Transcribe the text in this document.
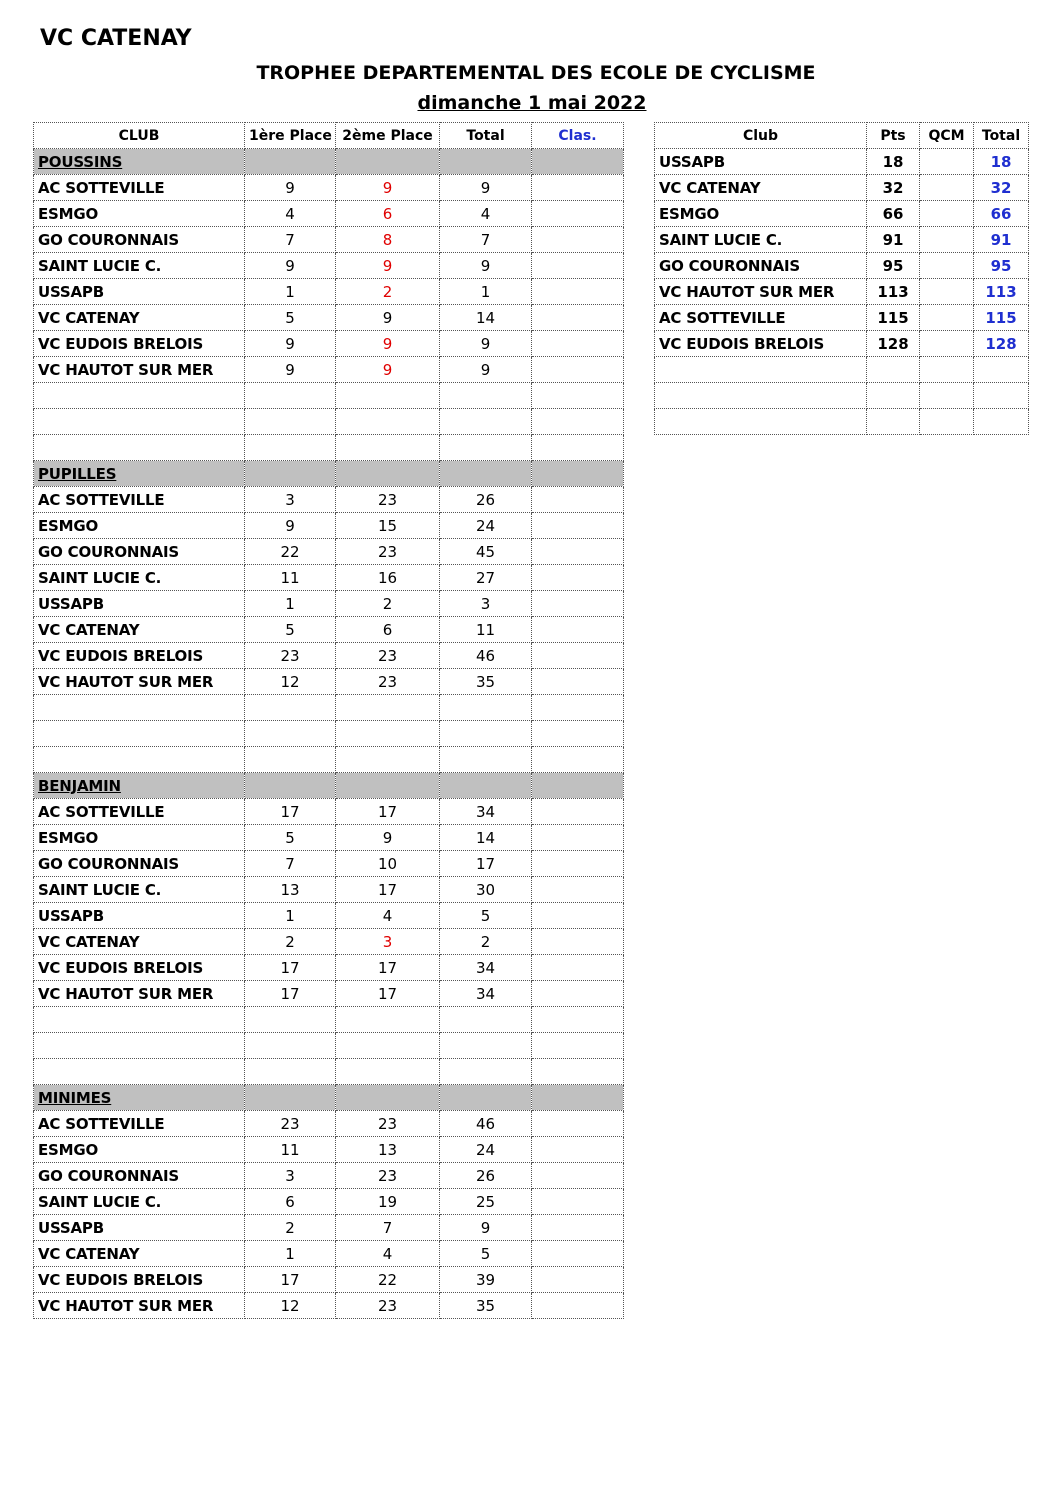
VC CATENAY
TROPHEE DEPARTEMENTAL DES ECOLE DE CYCLISME
dimanche 1 mai 2022
CLUB	1ère Place	2ème Place	Total	Clas.
POUSSINS				
AC SOTTEVILLE	9	9	9	
ESMGO	4	6	4	
GO COURONNAIS	7	8	7	
SAINT LUCIE C.	9	9	9	
USSAPB	1	2	1	
VC CATENAY	5	9	14	
VC EUDOIS BRELOIS	9	9	9	
VC HAUTOT SUR MER	9	9	9	

PUPILLES				
AC SOTTEVILLE	3	23	26	
ESMGO	9	15	24	
GO COURONNAIS	22	23	45	
SAINT LUCIE C.	11	16	27	
USSAPB	1	2	3	
VC CATENAY	5	6	11	
VC EUDOIS BRELOIS	23	23	46	
VC HAUTOT SUR MER	12	23	35	

BENJAMIN				
AC SOTTEVILLE	17	17	34	
ESMGO	5	9	14	
GO COURONNAIS	7	10	17	
SAINT LUCIE C.	13	17	30	
USSAPB	1	4	5	
VC CATENAY	2	3	2	
VC EUDOIS BRELOIS	17	17	34	
VC HAUTOT SUR MER	17	17	34	

MINIMES				
AC SOTTEVILLE	23	23	46	
ESMGO	11	13	24	
GO COURONNAIS	3	23	26	
SAINT LUCIE C.	6	19	25	
USSAPB	2	7	9	
VC CATENAY	1	4	5	
VC EUDOIS BRELOIS	17	22	39	
VC HAUTOT SUR MER	12	23	35	
Club	Pts	QCM	Total
USSAPB	18		18
VC CATENAY	32		32
ESMGO	66		66
SAINT LUCIE C.	91		91
GO COURONNAIS	95		95
VC HAUTOT SUR MER	113		113
AC SOTTEVILLE	115		115
VC EUDOIS BRELOIS	128		128
